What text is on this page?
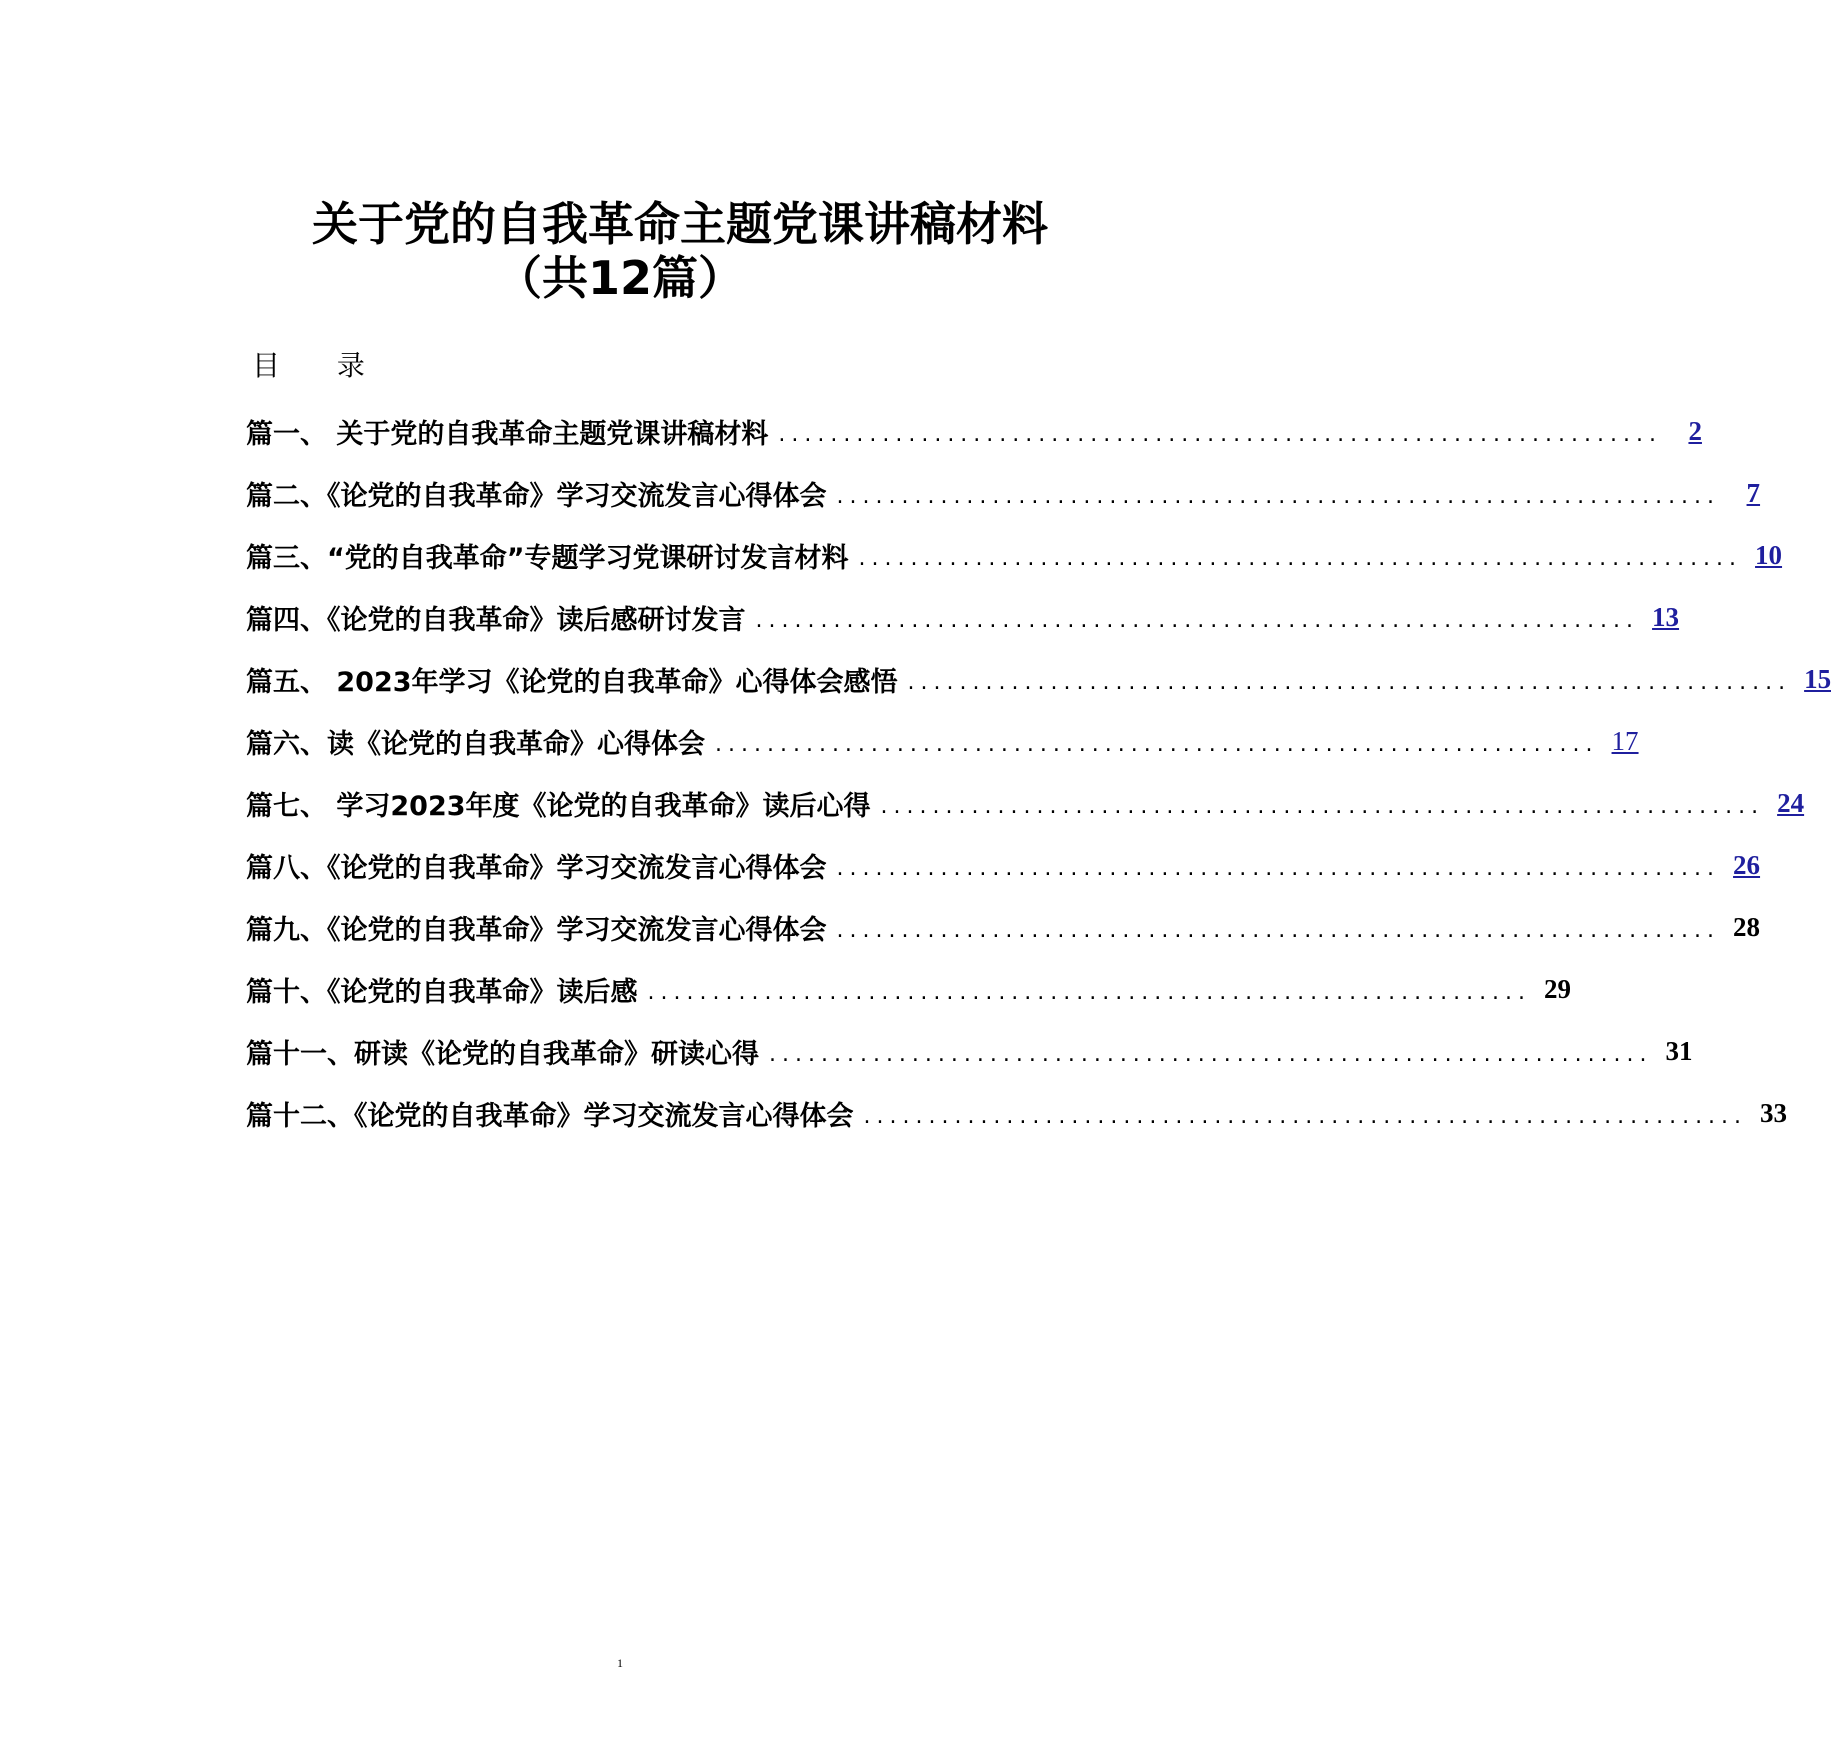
关于党的自我革命主题党课讲稿材料
（共12篇）
目 录
篇一、 关于党的自我革命主题党课讲稿材料 .................................................................... 2
篇二、《论党的自我革命》学习交流发言心得体会 .................................................................... 7
篇三、“党的自我革命”专题学习党课研讨发言材料 .................................................................... 10
篇四、《论党的自我革命》读后感研讨发言 .................................................................... 13
篇五、 2023年学习《论党的自我革命》心得体会感悟 .................................................................... 15
篇六、读《论党的自我革命》心得体会 .................................................................... 17
篇七、 学习2023年度《论党的自我革命》读后心得 .................................................................... 24
篇八、《论党的自我革命》学习交流发言心得体会 .................................................................... 26
篇九、《论党的自我革命》学习交流发言心得体会 .................................................................... 28
篇十、《论党的自我革命》读后感 .................................................................... 29
篇十一、研读《论党的自我革命》研读心得 .................................................................... 31
篇十二、《论党的自我革命》学习交流发言心得体会 .................................................................... 33
1
